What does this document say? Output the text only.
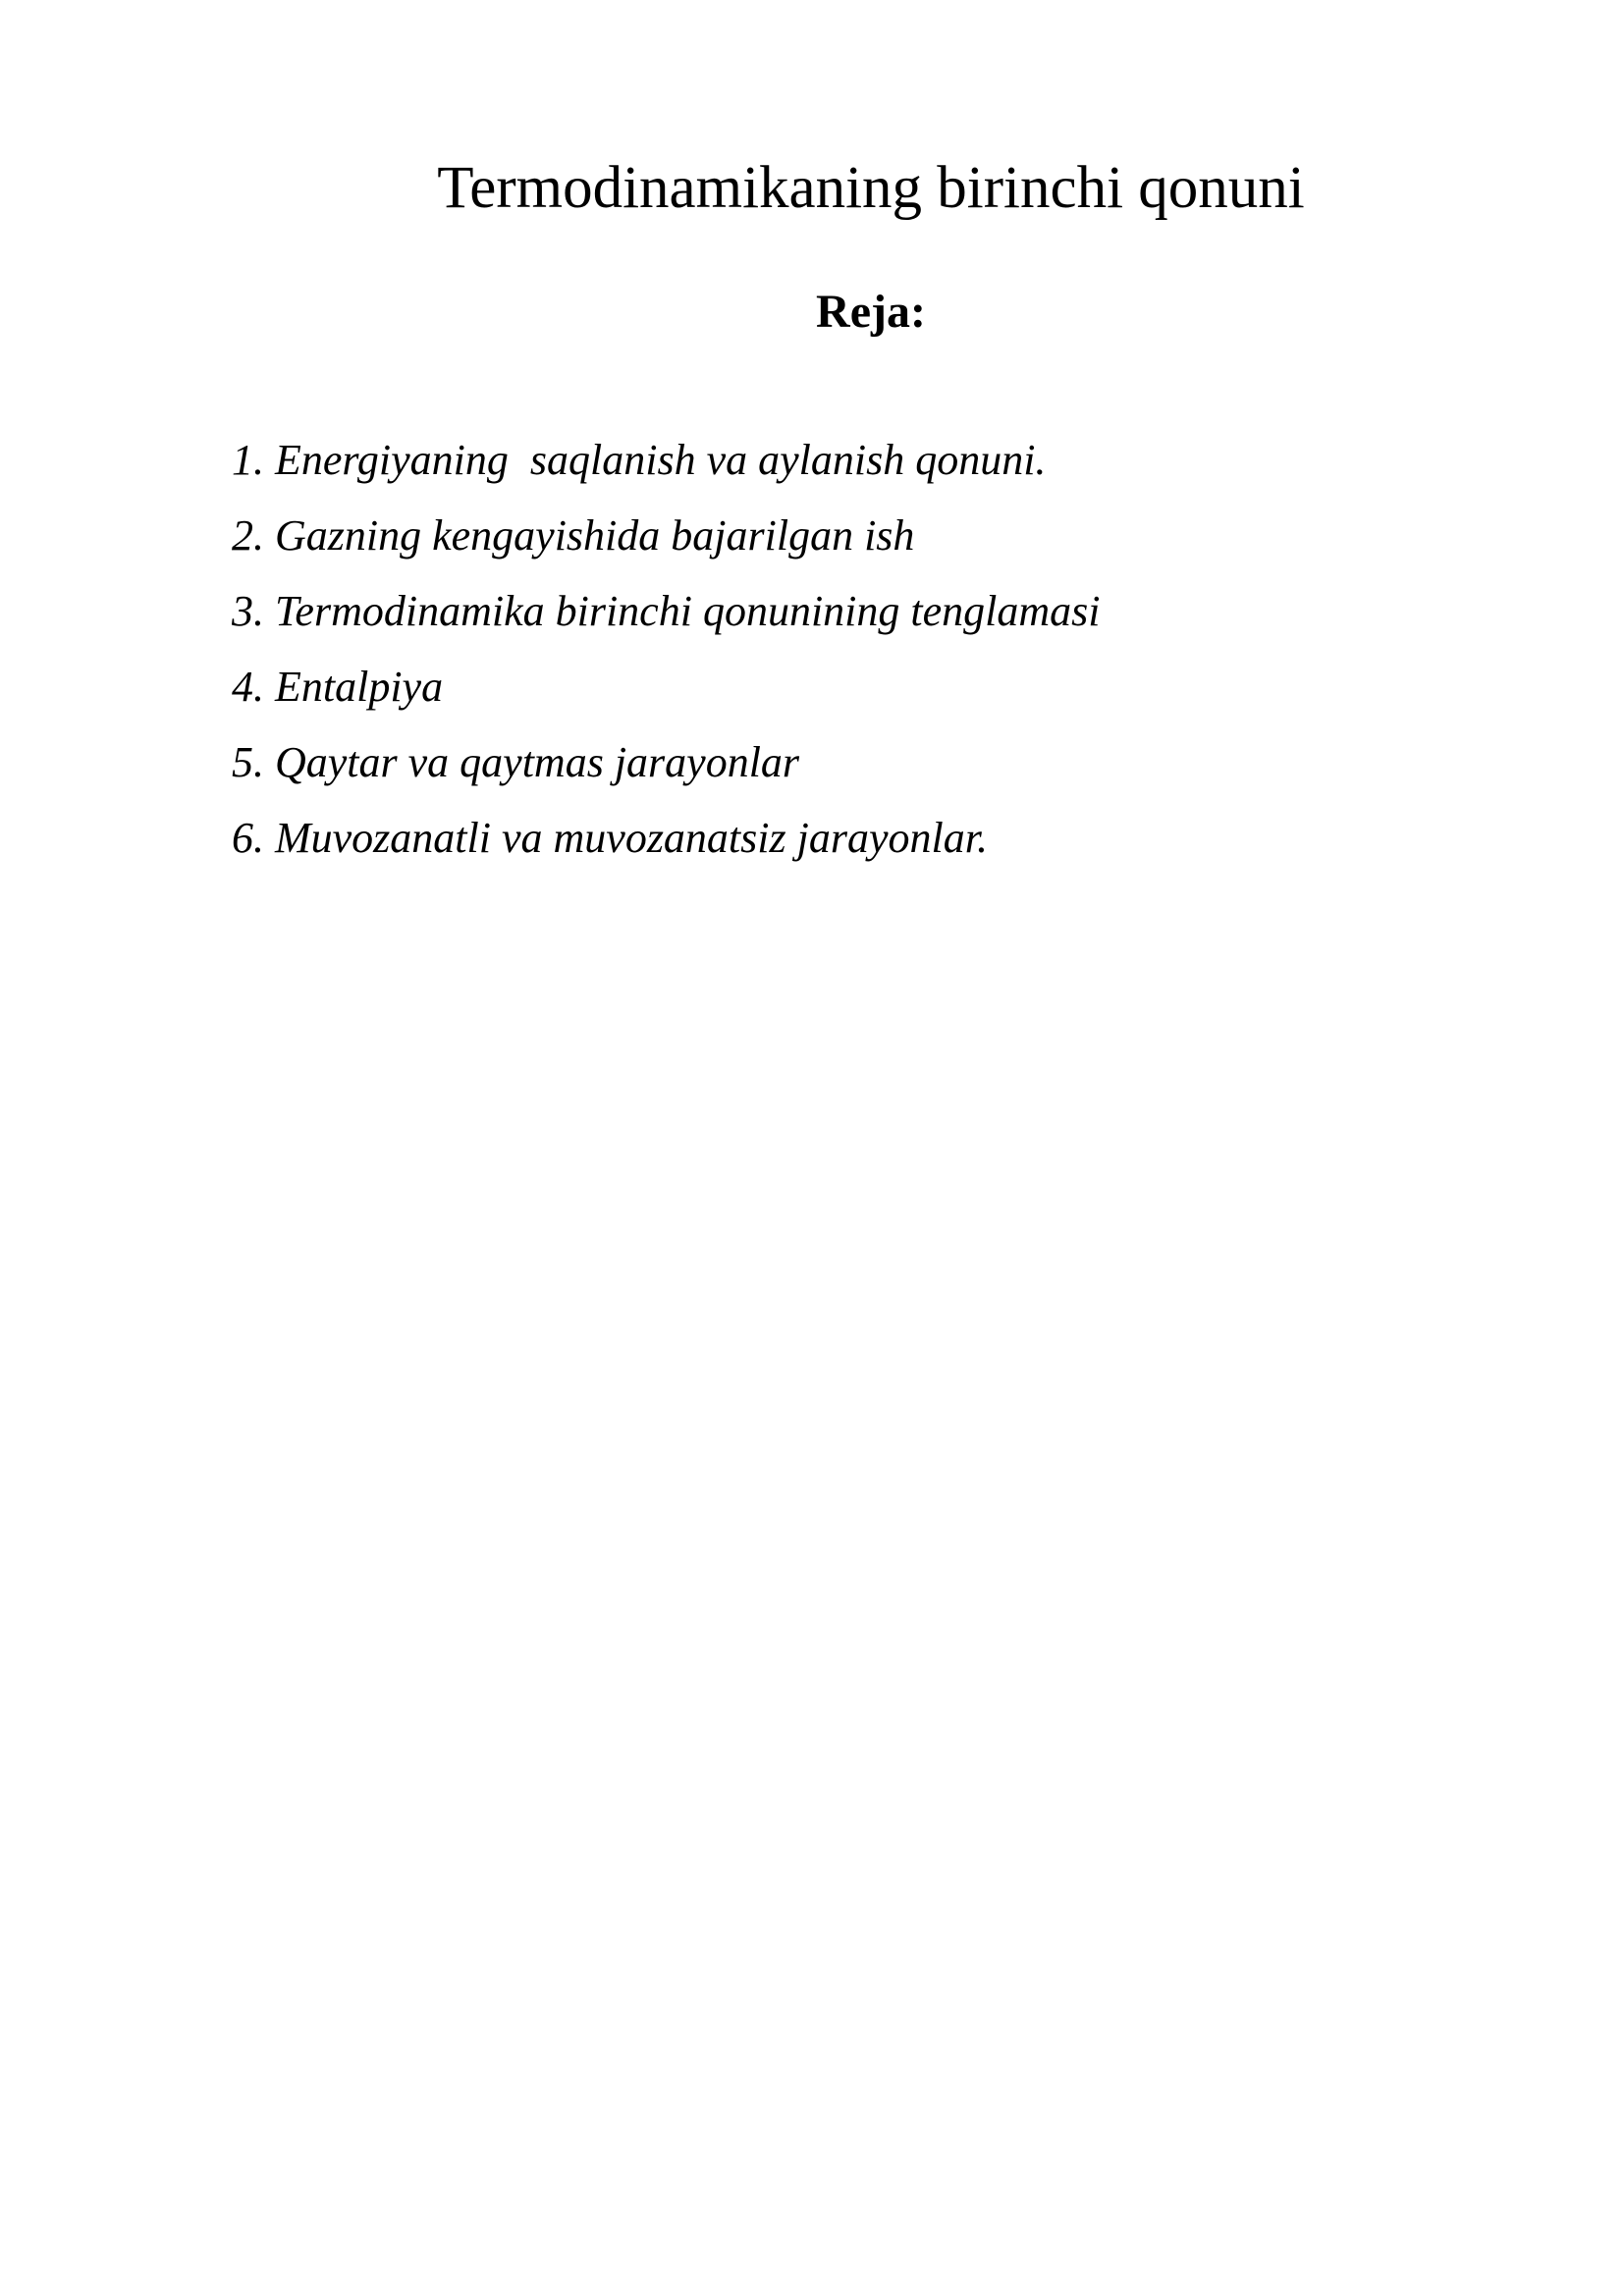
Termodinamikaning birinchi qonuni
Reja:
1. Energiyaning  saqlanish va aylanish qonuni.
2. Gazning kengayishida bajarilgan ish
3. Termodinamika birinchi qonunining tenglamasi
4. Entalpiya
5. Qaytar va qaytmas jarayonlar
6. Muvozanatli va muvozanatsiz jarayonlar.
